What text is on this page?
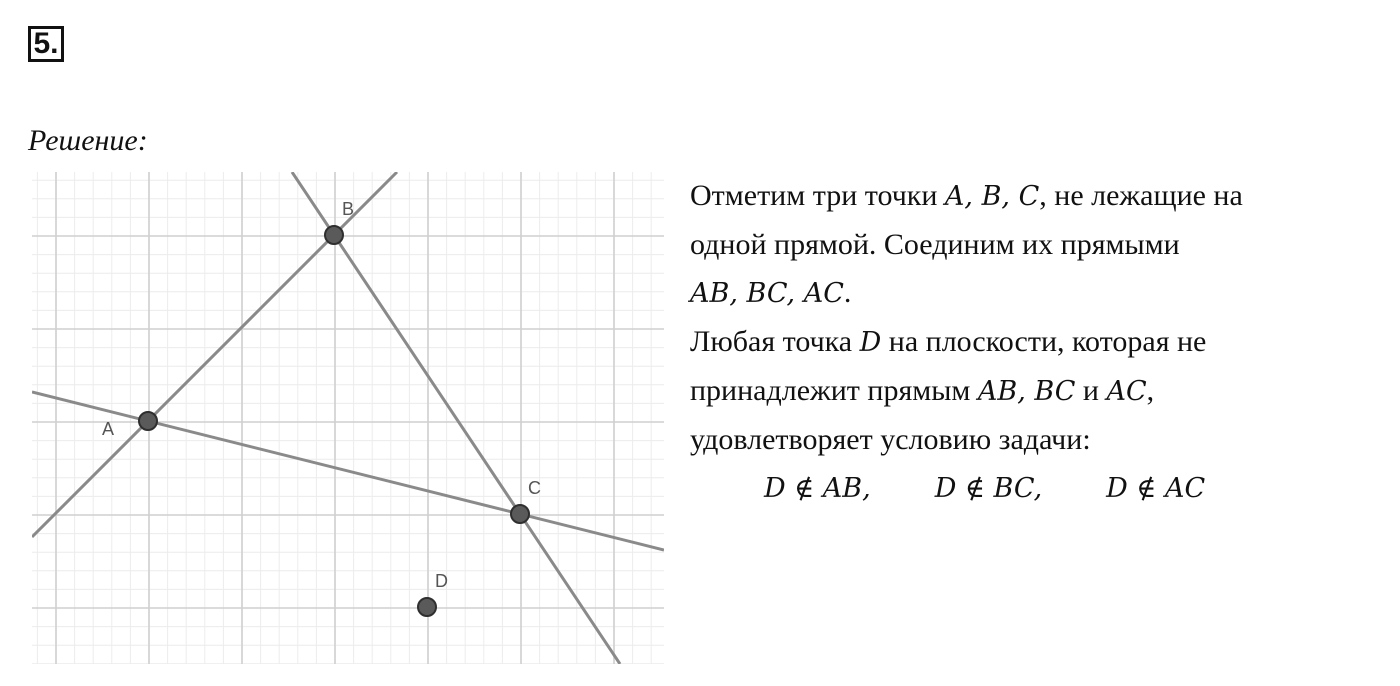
5.
Решение:
A
B
C
D
Отметим три точки A, B, C, не лежащие на
одной прямой. Соединим их прямыми
AB, BC, AC.
Любая точка D на плоскости, которая не
принадлежит прямым AB, BC и AC,
удовлетворяет условию задачи:
D ∉ AB, D ∉ BC, D ∉ AC
